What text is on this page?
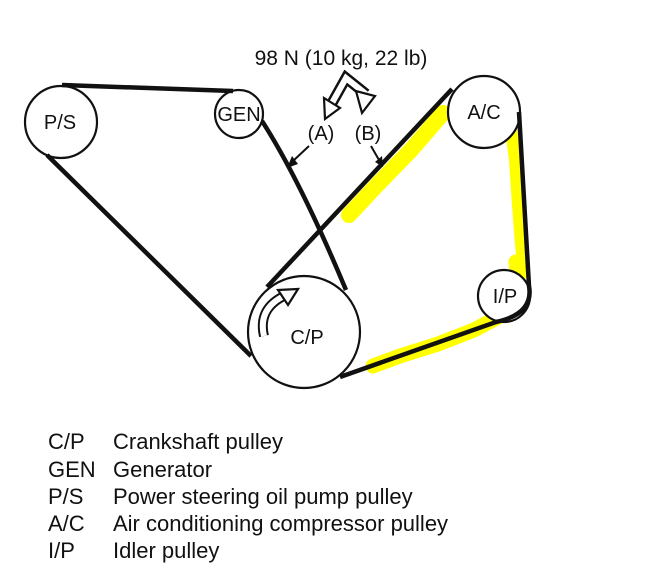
98 N (10 kg, 22 lb)
(A) (B)
P/S	GEN	A/C
I/P
C/P
C/P Crankshaft pulley
GEN Generator
P/S Power steering oil pump pulley
A/C Air conditioning compressor pulley
I/P Idler pulley
